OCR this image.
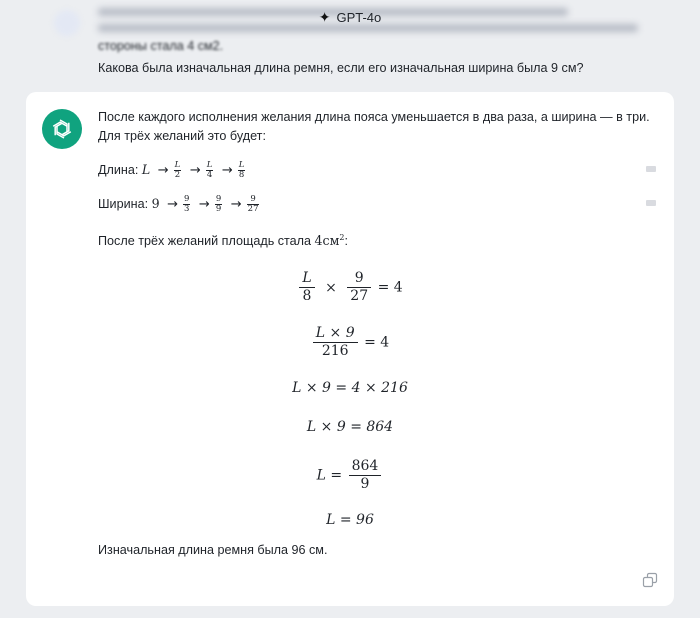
✦ GPT-4o
стороны стала 4 см2.
Какова была изначальная длина ремня, если его изначальная ширина была 9 см?
После каждого исполнения желания длина пояса уменьшается в два раза, а ширина — в три. Для трёх желаний это будет:
Длина: $L \to \frac{L}{2} \to \frac{L}{4} \to \frac{L}{8}$
Ширина: $9 \to \frac{9}{3} \to \frac{9}{9} \to \frac{9}{27}$
После трёх желаний площадь стала $4см^2$:
$\frac{L}{8} \times \frac{9}{27} = 4$
$\frac{L \times 9}{216} = 4$
L × 9 = 4 × 216
L × 9 = 864
$L = \frac{864}{9}$
L = 96
Изначальная длина ремня была 96 см.
